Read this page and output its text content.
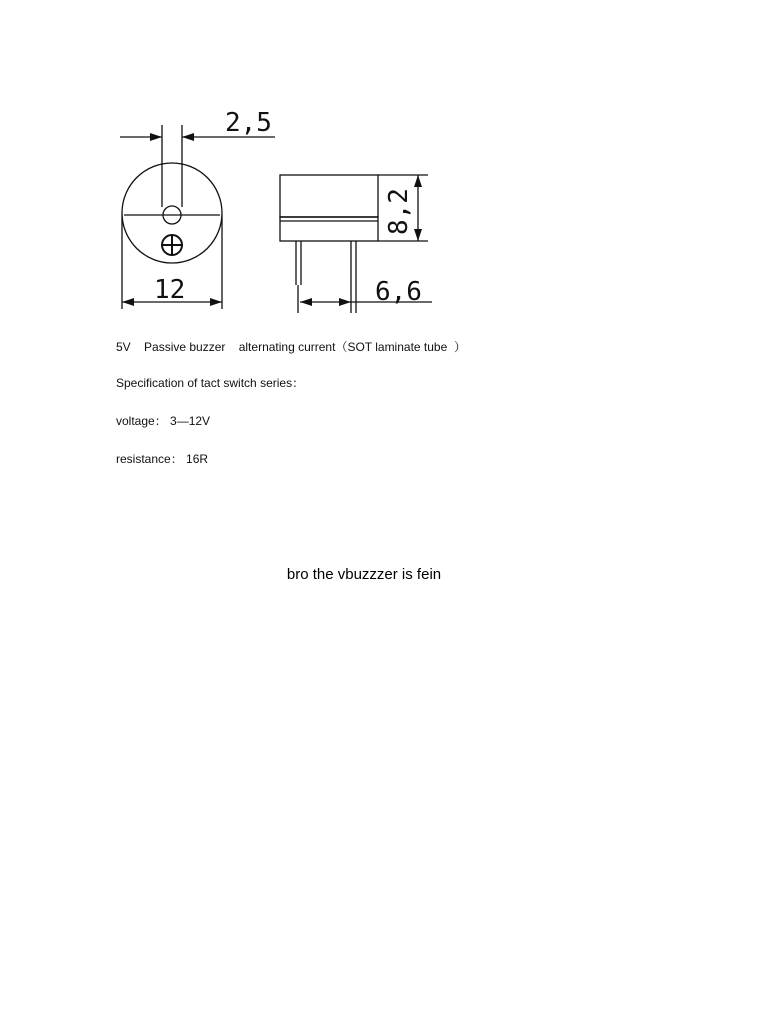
2,5
12	6,6
8,2
5V    Passive buzzer    alternating current（SOT laminate tube  ）
Specification of tact switch series：
voltage： 3—12V
resistance： 16R
bro the vbuzzzer is fein
